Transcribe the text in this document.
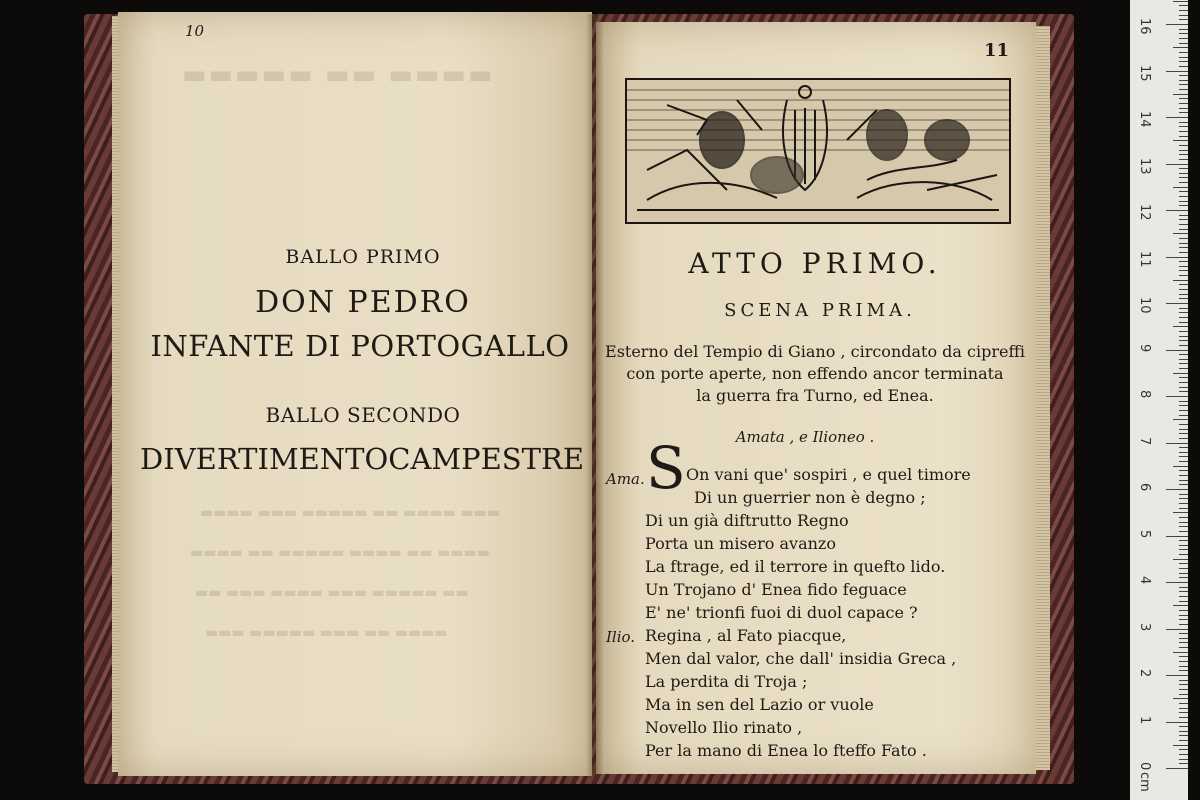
▬▬▬▬ ▬▬ ▬▬▬▬▬
▬▬▬ ▬▬▬▬ ▬▬ ▬▬▬▬▬ ▬▬▬ ▬▬▬▬
▬▬▬▬ ▬▬ ▬▬▬▬ ▬▬▬▬▬ ▬▬ ▬▬▬▬
▬▬ ▬▬▬▬▬ ▬▬▬ ▬▬▬▬ ▬▬▬ ▬▬
▬▬▬▬ ▬▬ ▬▬▬ ▬▬▬▬▬ ▬▬▬
10
BALLO PRIMO
DON PEDRO
INFANTE DI PORTOGALLO
BALLO SECONDO
DIVERTIMENTOCAMPESTRE
11
ATTO PRIMO.
SCENA PRIMA.
Esterno del Tempio di Giano , circondato da cipreffi
con porte aperte, non effendo ancor terminata
la guerra fra Turno, ed Enea.
Amata , e Ilioneo .
Ama. S On vani que' sospiri , e quel timore
Di un guerrier non è degno ;
Di un già diftrutto Regno
Porta un misero avanzo
La ftrage, ed il terrore in quefto lido.
Un Trojano d' Enea fido feguace
E' ne' trionfi fuoi di duol capace ?
Ilio. Regina , al Fato piacque,
Men dal valor, che dall' insidia Greca ,
La perdita di Troja ;
Ma in sen del Lazio or vuole
Novello Ilio rinato ,
Per la mano di Enea lo fteffo Fato .
0
1
2
3
4
5
6
7
8
9
10
11
12
13
14
15
16
cm
